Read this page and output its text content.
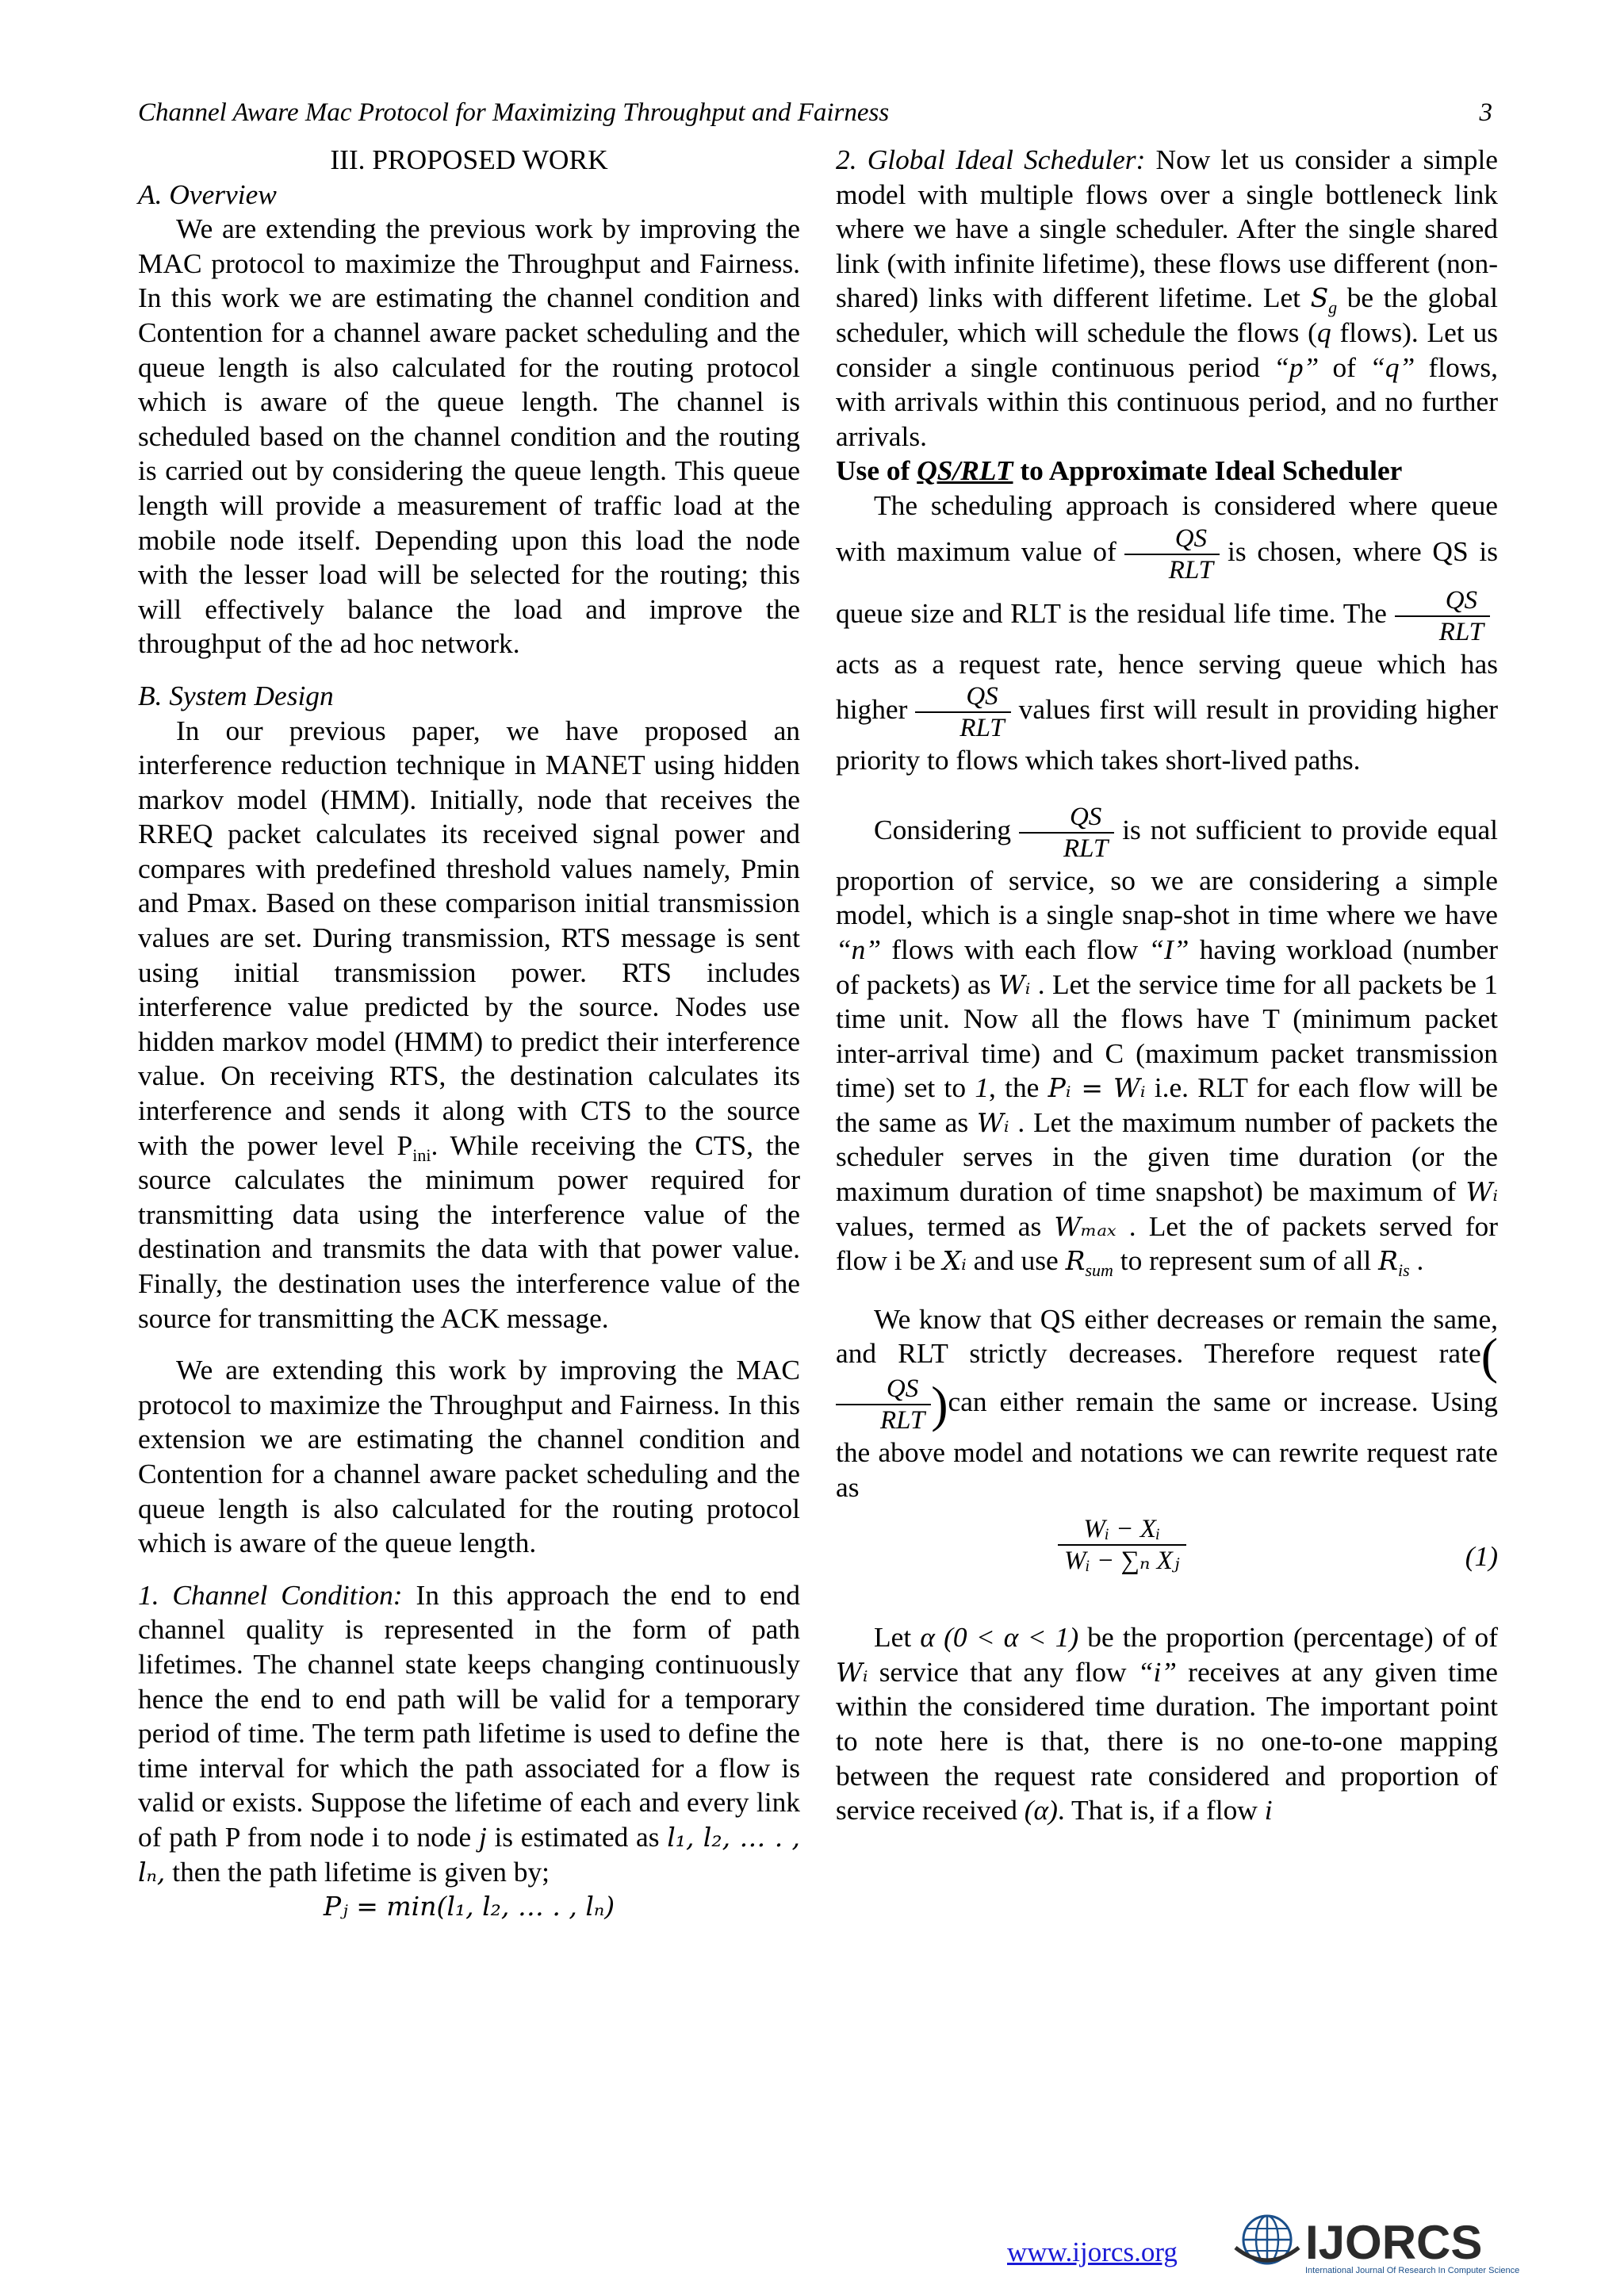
Channel Aware Mac Protocol for Maximizing Throughput and Fairness	3

III. PROPOSED WORK

A. Overview

We are extending the previous work by improving the MAC protocol to maximize the Throughput and Fairness. In this work we are estimating the channel condition and Contention for a channel aware packet scheduling and the queue length is also calculated for the routing protocol which is aware of the queue length. The channel is scheduled based on the channel condition and the routing is carried out by considering the queue length. This queue length will provide a measurement of traffic load at the mobile node itself. Depending upon this load the node with the lesser load will be selected for the routing; this will effectively balance the load and improve the throughput of the ad hoc network.

B. System Design

In our previous paper, we have proposed an interference reduction technique in MANET using hidden markov model (HMM). Initially, node that receives the RREQ packet calculates its received signal power and compares with predefined threshold values namely, Pmin and Pmax. Based on these comparison initial transmission values are set. During transmission, RTS message is sent using initial transmission power. RTS includes interference value predicted by the source. Nodes use hidden markov model (HMM) to predict their interference value. On receiving RTS, the destination calculates its interference and sends it along with CTS to the source with the power level $P_{ini}$. While receiving the CTS, the source calculates the minimum power required for transmitting data using the interference value of the destination and transmits the data with that power value. Finally, the destination uses the interference value of the source for transmitting the ACK message.

We are extending this work by improving the MAC protocol to maximize the Throughput and Fairness. In this extension we are estimating the channel condition and Contention for a channel aware packet scheduling and the queue length is also calculated for the routing protocol which is aware of the queue length.

1. Channel Condition: In this approach the end to end channel quality is represented in the form of path lifetimes. The channel state keeps changing continuously hence the end to end path will be valid for a temporary period of time. The term path lifetime is used to define the time interval for which the path associated for a flow is valid or exists. Suppose the lifetime of each and every link of path P from node i to node j is estimated as l₁, l₂, … . , lₙ, then the path lifetime is given by;

Pⱼ = min(l₁, l₂, … . , lₙ)

2. Global Ideal Scheduler: Now let us consider a simple model with multiple flows over a single bottleneck link where we have a single scheduler. After the single shared link (with infinite lifetime), these flows use different (non-shared) links with different lifetime. Let $S_g$ be the global scheduler, which will schedule the flows (q flows). Let us consider a single continuous period “p” of “q” flows, with arrivals within this continuous period, and no further arrivals.

Use of QS/RLT to Approximate Ideal Scheduler

The scheduling approach is considered where queue with maximum value of $\frac{QS}{\text{RLT}}$ is chosen, where QS is queue size and RLT is the residual life time. The $\frac{QS}{\text{RLT}}$
acts as a request rate, hence serving queue which has higher $\frac{QS}{\text{RLT}}$ values first will result in providing higher priority to flows which takes short-lived paths.

Considering $\frac{QS}{\text{RLT}}$ is not sufficient to provide equal proportion of service, so we are considering a simple model, which is a single snap-shot in time where we have “n” flows with each flow “I” having workload (number of packets) as Wᵢ . Let the service time for all packets be 1 time unit. Now all the flows have T (minimum packet inter-arrival time) and C (maximum packet transmission time) set to 1, the Pᵢ = Wᵢ i.e. RLT for each flow will be the same as Wᵢ . Let the maximum number of packets the scheduler serves in the given time duration (or the maximum duration of time snapshot) be maximum of Wᵢ values, termed as Wₘₐₓ . Let the of packets served for flow i be Xᵢ and use $R_{sum}$ to represent sum of all $R_{is}$ .

We know that QS either decreases or remain the same, and RLT strictly decreases. Therefore request rate(
$\frac{QS}{\text{RLT}} )can$ either remain the same or increase. Using the above model and notations we can rewrite request rate as

$\frac{\text{Wᵢ − Xᵢ}}{\text{Wᵢ − ∑ₙ Xⱼ}}$	(1)

Let α (0 < α < 1) be the proportion (percentage) of of Wᵢ service that any flow “i” receives at any given time within the considered time duration. The important point to note here is that, there is no one-to-one mapping between the request rate considered and proportion of service received (α). That is, if a flow i

www.ijorcs.org	IJORCS
International Journal Of Research In Computer Science
